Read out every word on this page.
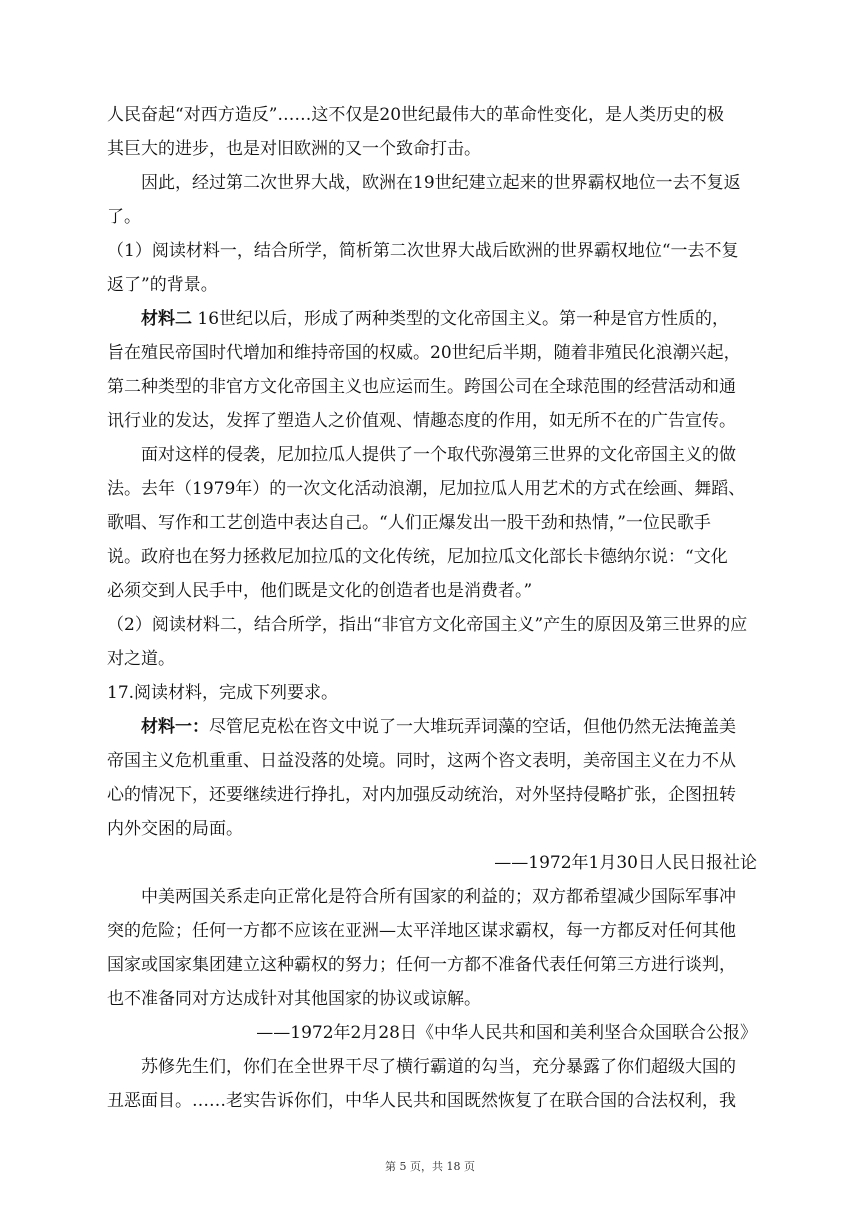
人民奋起“对西方造反”……这不仅是20世纪最伟大的革命性变化，是人类历史的极
其巨大的进步，也是对旧欧洲的又一个致命打击。
因此，经过第二次世界大战，欧洲在19世纪建立起来的世界霸权地位一去不复返
了。
（1）阅读材料一，结合所学，简析第二次世界大战后欧洲的世界霸权地位“一去不复
返了”的背景。
材料二 16世纪以后，形成了两种类型的文化帝国主义。第一种是官方性质的，
旨在殖民帝国时代增加和维持帝国的权威。20世纪后半期，随着非殖民化浪潮兴起，
第二种类型的非官方文化帝国主义也应运而生。跨国公司在全球范围的经营活动和通
讯行业的发达，发挥了塑造人之价值观、情趣态度的作用，如无所不在的广告宣传。
面对这样的侵袭，尼加拉瓜人提供了一个取代弥漫第三世界的文化帝国主义的做
法。去年（1979年）的一次文化活动浪潮，尼加拉瓜人用艺术的方式在绘画、舞蹈、
歌唱、写作和工艺创造中表达自己。“人们正爆发出一股干劲和热情，”一位民歌手
说。政府也在努力拯救尼加拉瓜的文化传统，尼加拉瓜文化部长卡德纳尔说：“文化
必须交到人民手中，他们既是文化的创造者也是消费者。”
（2）阅读材料二，结合所学，指出“非官方文化帝国主义”产生的原因及第三世界的应
对之道。
17.阅读材料，完成下列要求。
材料一：尽管尼克松在咨文中说了一大堆玩弄词藻的空话，但他仍然无法掩盖美
帝国主义危机重重、日益没落的处境。同时，这两个咨文表明，美帝国主义在力不从
心的情况下，还要继续进行挣扎，对内加强反动统治，对外坚持侵略扩张，企图扭转
内外交困的局面。
——1972年1月30日人民日报社论
中美两国关系走向正常化是符合所有国家的利益的；双方都希望减少国际军事冲
突的危险；任何一方都不应该在亚洲—太平洋地区谋求霸权，每一方都反对任何其他
国家或国家集团建立这种霸权的努力；任何一方都不准备代表任何第三方进行谈判，
也不准备同对方达成针对其他国家的协议或谅解。
——1972年2月28日《中华人民共和国和美利坚合众国联合公报》
苏修先生们，你们在全世界干尽了横行霸道的勾当，充分暴露了你们超级大国的
丑恶面目。……老实告诉你们，中华人民共和国既然恢复了在联合国的合法权利，我
第 5 页，共 18 页
